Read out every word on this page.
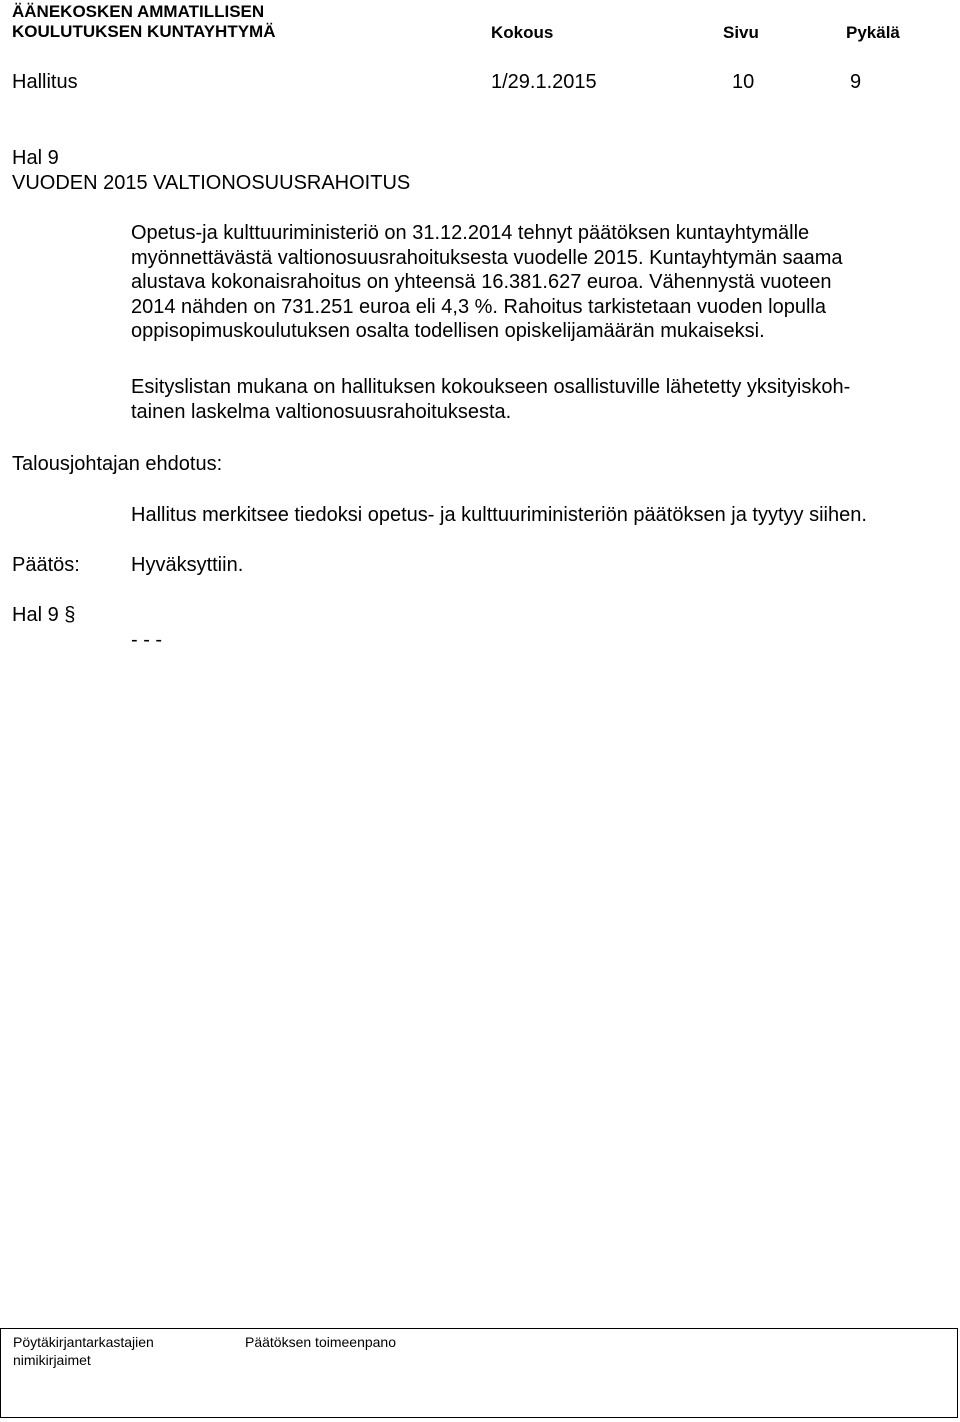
ÄÄNEKOSKEN AMMATILLISEN
KOULUTUKSEN KUNTAYHTYMÄ	Kokous	Sivu	Pykälä
Hallitus	1/29.1.2015	10	9
Hal 9
VUODEN 2015 VALTIONOSUUSRAHOITUS
Opetus-ja kulttuuriministeriö on 31.12.2014 tehnyt päätöksen kuntayhtymälle
myönnettävästä valtionosuusrahoituksesta vuodelle 2015. Kuntayhtymän saama
alustava kokonaisrahoitus on yhteensä 16.381.627 euroa. Vähennystä vuoteen
2014 nähden on 731.251 euroa eli 4,3 %. Rahoitus tarkistetaan vuoden lopulla
oppisopimuskoulutuksen osalta todellisen opiskelijamäärän mukaiseksi.
Esityslistan mukana on hallituksen kokoukseen osallistuville lähetetty yksityiskoh-
tainen laskelma valtionosuusrahoituksesta.
Talousjohtajan ehdotus:
Hallitus merkitsee tiedoksi opetus- ja kulttuuriministeriön päätöksen ja tyytyy siihen.
Päätös:	Hyväksyttiin.
Hal 9 §
- - -
Pöytäkirjantarkastajien
nimikirjaimet
Päätöksen toimeenpano
